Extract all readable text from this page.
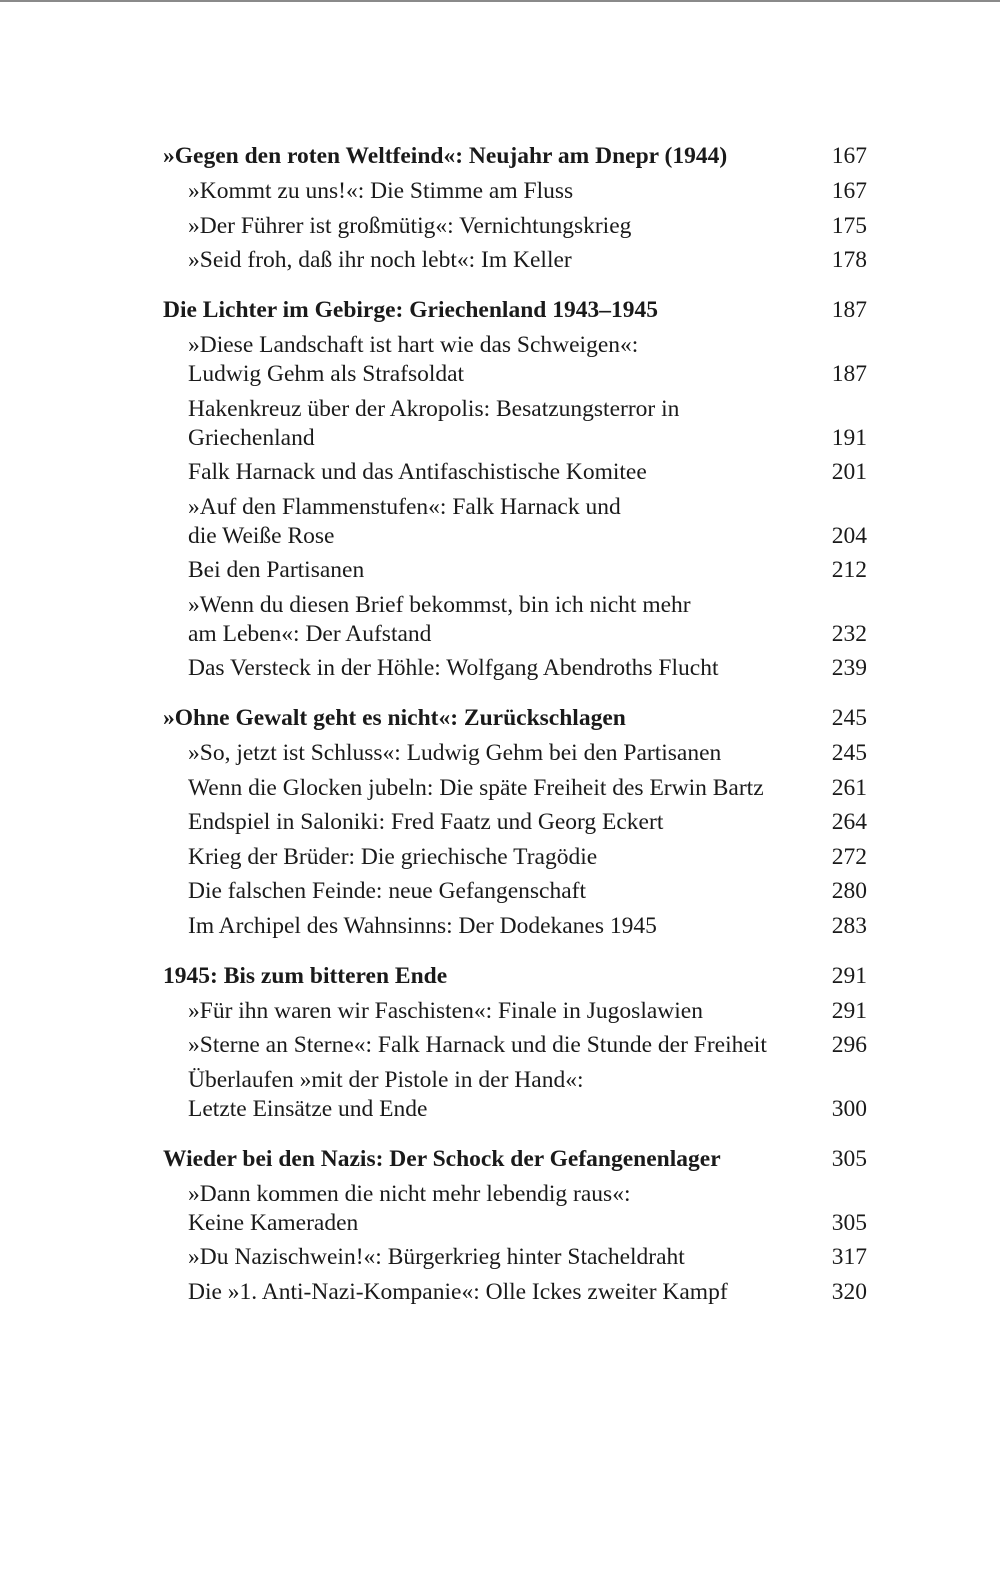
»Gegen den roten Weltfeind«: Neujahr am Dnepr (1944)	167
»Kommt zu uns!«: Die Stimme am Fluss	167
»Der Führer ist großmütig«: Vernichtungskrieg	175
»Seid froh, daß ihr noch lebt«: Im Keller	178
Die Lichter im Gebirge: Griechenland 1943–1945	187
»Diese Landschaft ist hart wie das Schweigen«:
Ludwig Gehm als Strafsoldat	187
Hakenkreuz über der Akropolis: Besatzungsterror in
Griechenland	191
Falk Harnack und das Antifaschistische Komitee	201
»Auf den Flammenstufen«: Falk Harnack und
die Weiße Rose	204
Bei den Partisanen	212
»Wenn du diesen Brief bekommst, bin ich nicht mehr
am Leben«: Der Aufstand	232
Das Versteck in der Höhle: Wolfgang Abendroths Flucht	239
»Ohne Gewalt geht es nicht«: Zurückschlagen	245
»So, jetzt ist Schluss«: Ludwig Gehm bei den Partisanen	245
Wenn die Glocken jubeln: Die späte Freiheit des Erwin Bartz	261
Endspiel in Saloniki: Fred Faatz und Georg Eckert	264
Krieg der Brüder: Die griechische Tragödie	272
Die falschen Feinde: neue Gefangenschaft	280
Im Archipel des Wahnsinns: Der Dodekanes 1945	283
1945: Bis zum bitteren Ende	291
»Für ihn waren wir Faschisten«: Finale in Jugoslawien	291
»Sterne an Sterne«: Falk Harnack und die Stunde der Freiheit	296
Überlaufen »mit der Pistole in der Hand«:
Letzte Einsätze und Ende	300
Wieder bei den Nazis: Der Schock der Gefangenenlager	305
»Dann kommen die nicht mehr lebendig raus«:
Keine Kameraden	305
»Du Nazischwein!«: Bürgerkrieg hinter Stacheldraht	317
Die »1. Anti-Nazi-Kompanie«: Olle Ickes zweiter Kampf	320
